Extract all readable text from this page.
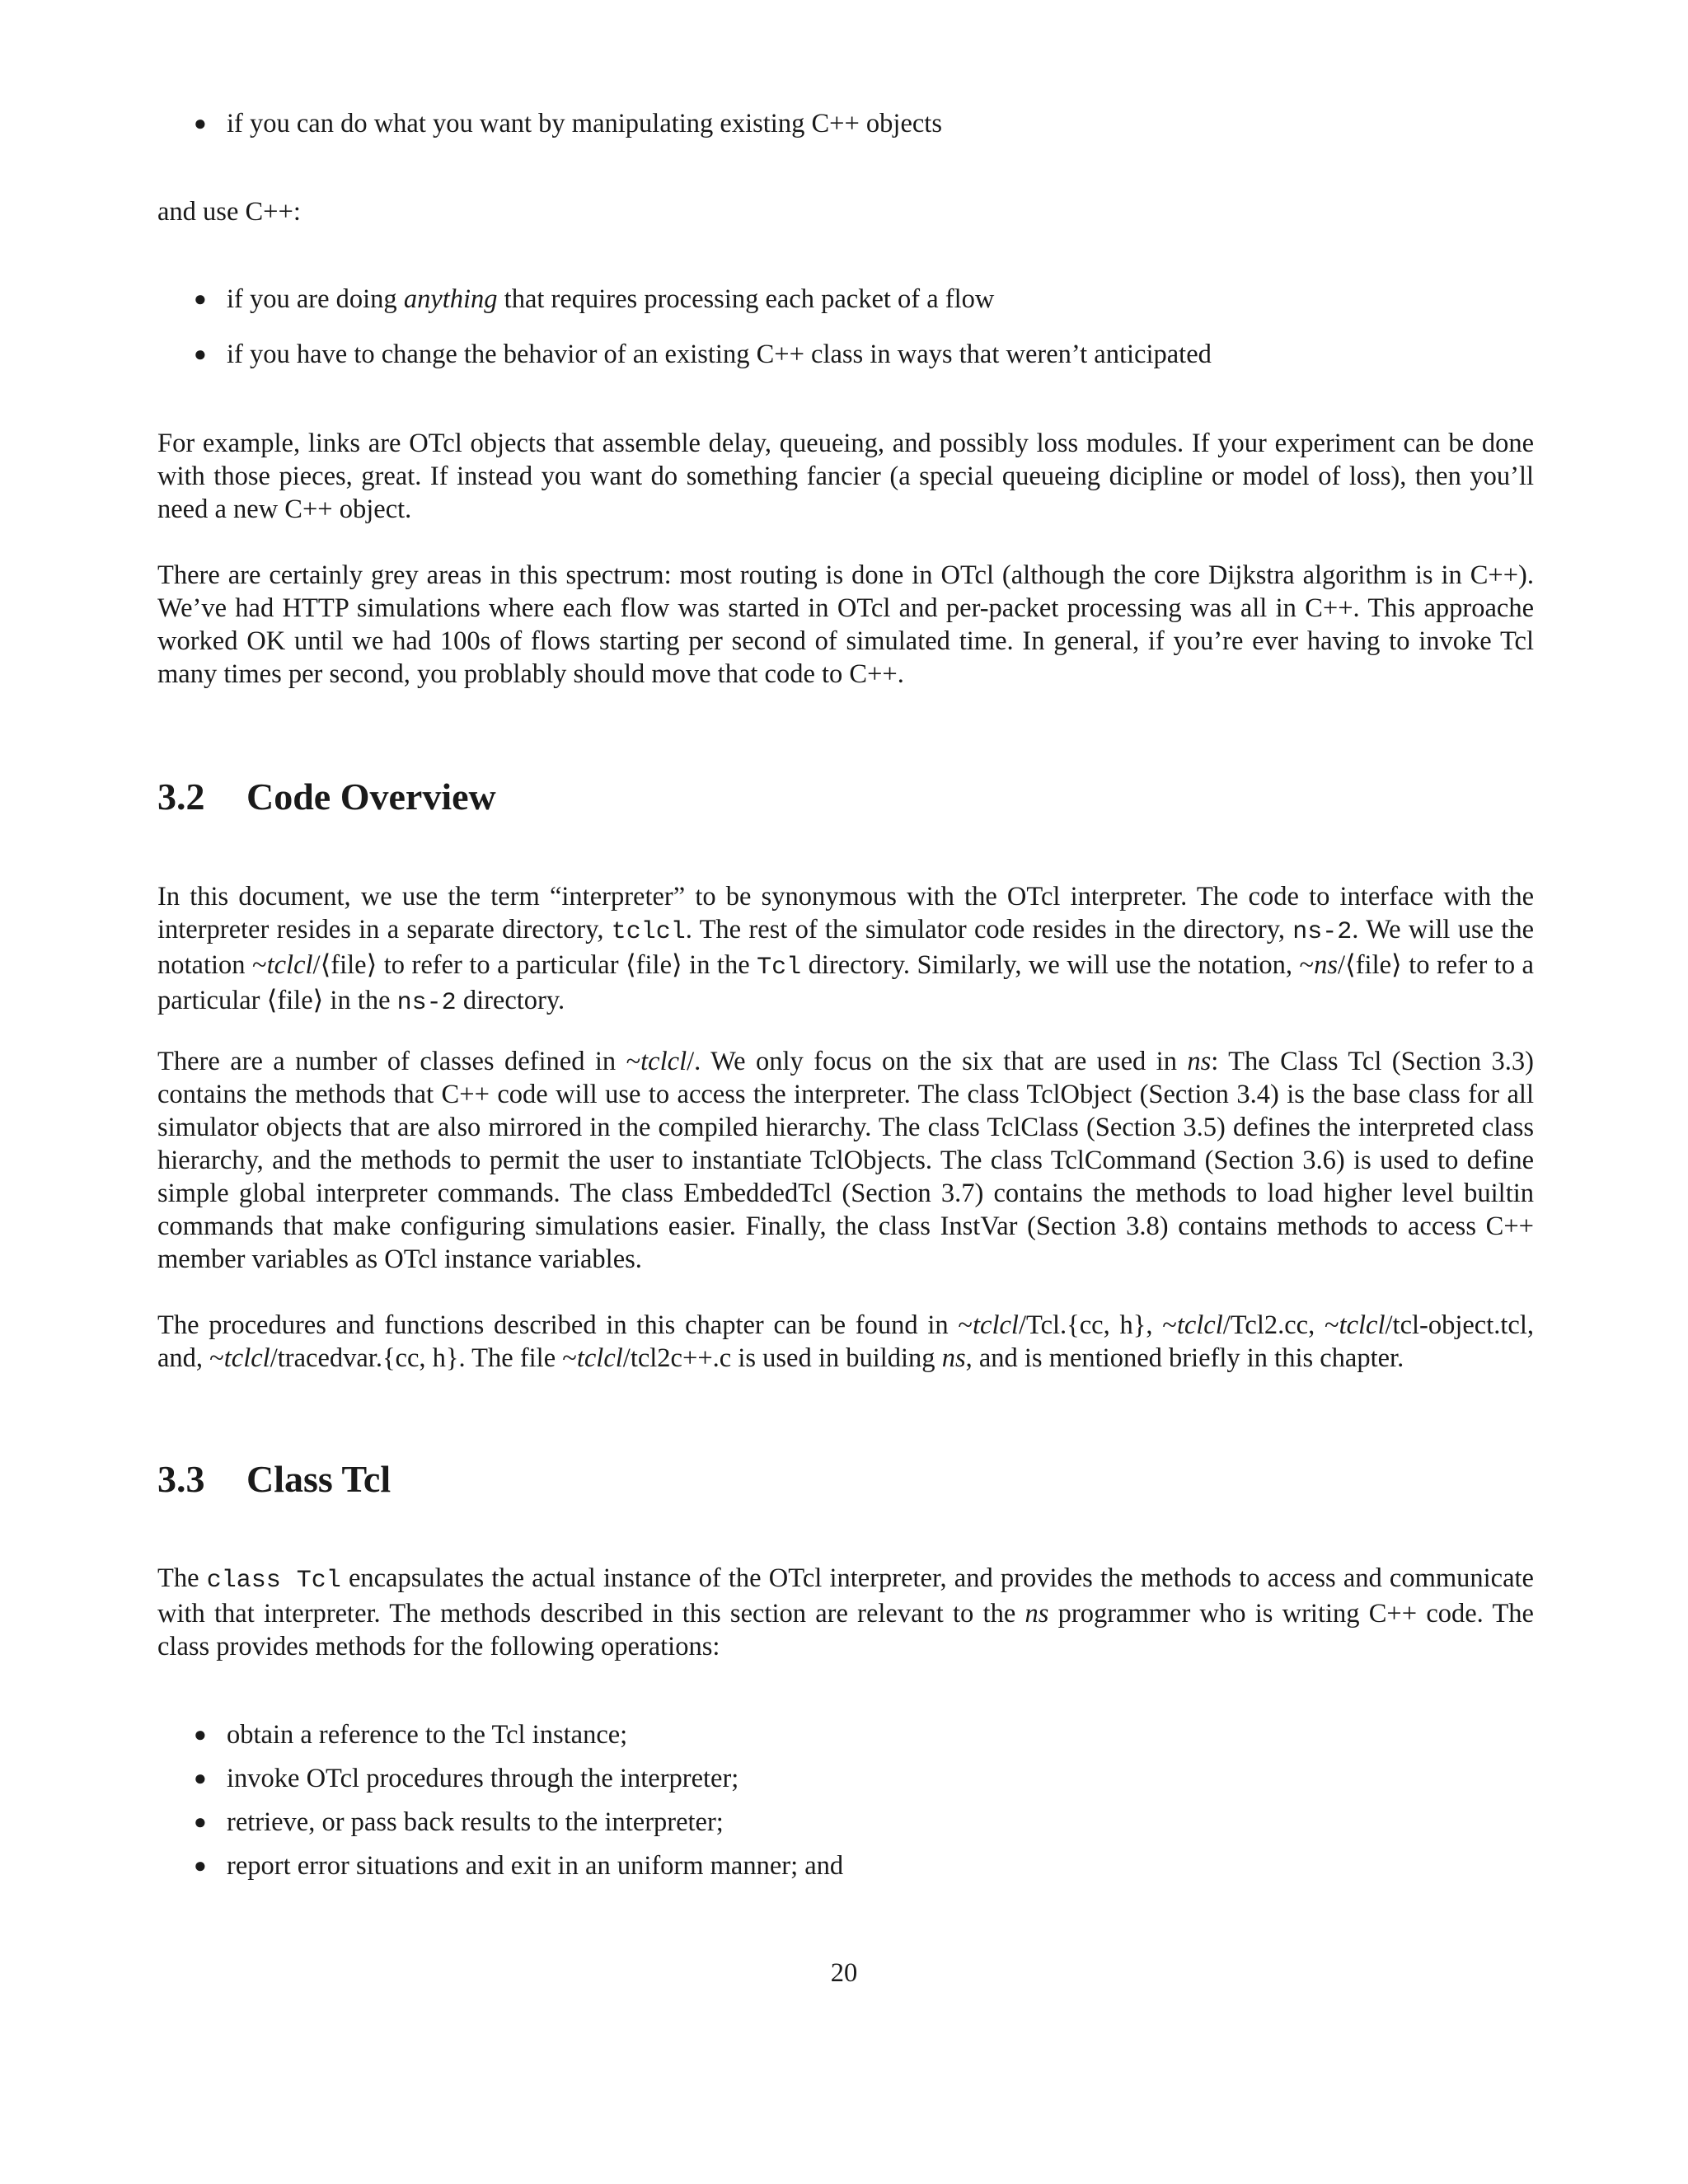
● if you can do what you want by manipulating existing C++ objects

and use C++:

● if you are doing anything that requires processing each packet of a flow
● if you have to change the behavior of an existing C++ class in ways that weren’t anticipated

For example, links are OTcl objects that assemble delay, queueing, and possibly loss modules. If your experiment can be done with those pieces, great. If instead you want do something fancier (a special queueing dicipline or model of loss), then you’ll need a new C++ object.

There are certainly grey areas in this spectrum: most routing is done in OTcl (although the core Dijkstra algorithm is in C++). We’ve had HTTP simulations where each flow was started in OTcl and per-packet processing was all in C++. This approache worked OK until we had 100s of flows starting per second of simulated time. In general, if you’re ever having to invoke Tcl many times per second, you problably should move that code to C++.

3.2 Code Overview

In this document, we use the term “interpreter” to be synonymous with the OTcl interpreter. The code to interface with the interpreter resides in a separate directory, tclcl. The rest of the simulator code resides in the directory, ns-2. We will use the notation ~tclcl/⟨file⟩ to refer to a particular ⟨file⟩ in the Tcl directory. Similarly, we will use the notation, ~ns/⟨file⟩ to refer to a particular ⟨file⟩ in the ns-2 directory.

There are a number of classes defined in ~tclcl/. We only focus on the six that are used in ns: The Class Tcl (Section 3.3) contains the methods that C++ code will use to access the interpreter. The class TclObject (Section 3.4) is the base class for all simulator objects that are also mirrored in the compiled hierarchy. The class TclClass (Section 3.5) defines the interpreted class hierarchy, and the methods to permit the user to instantiate TclObjects. The class TclCommand (Section 3.6) is used to define simple global interpreter commands. The class EmbeddedTcl (Section 3.7) contains the methods to load higher level builtin commands that make configuring simulations easier. Finally, the class InstVar (Section 3.8) contains methods to access C++ member variables as OTcl instance variables.

The procedures and functions described in this chapter can be found in ~tclcl/Tcl.{cc, h}, ~tclcl/Tcl2.cc, ~tclcl/tcl-object.tcl, and, ~tclcl/tracedvar.{cc, h}. The file ~tclcl/tcl2c++.c is used in building ns, and is mentioned briefly in this chapter.

3.3 Class Tcl

The class Tcl encapsulates the actual instance of the OTcl interpreter, and provides the methods to access and communicate with that interpreter. The methods described in this section are relevant to the ns programmer who is writing C++ code. The class provides methods for the following operations:

● obtain a reference to the Tcl instance;
● invoke OTcl procedures through the interpreter;
● retrieve, or pass back results to the interpreter;
● report error situations and exit in an uniform manner; and
20
